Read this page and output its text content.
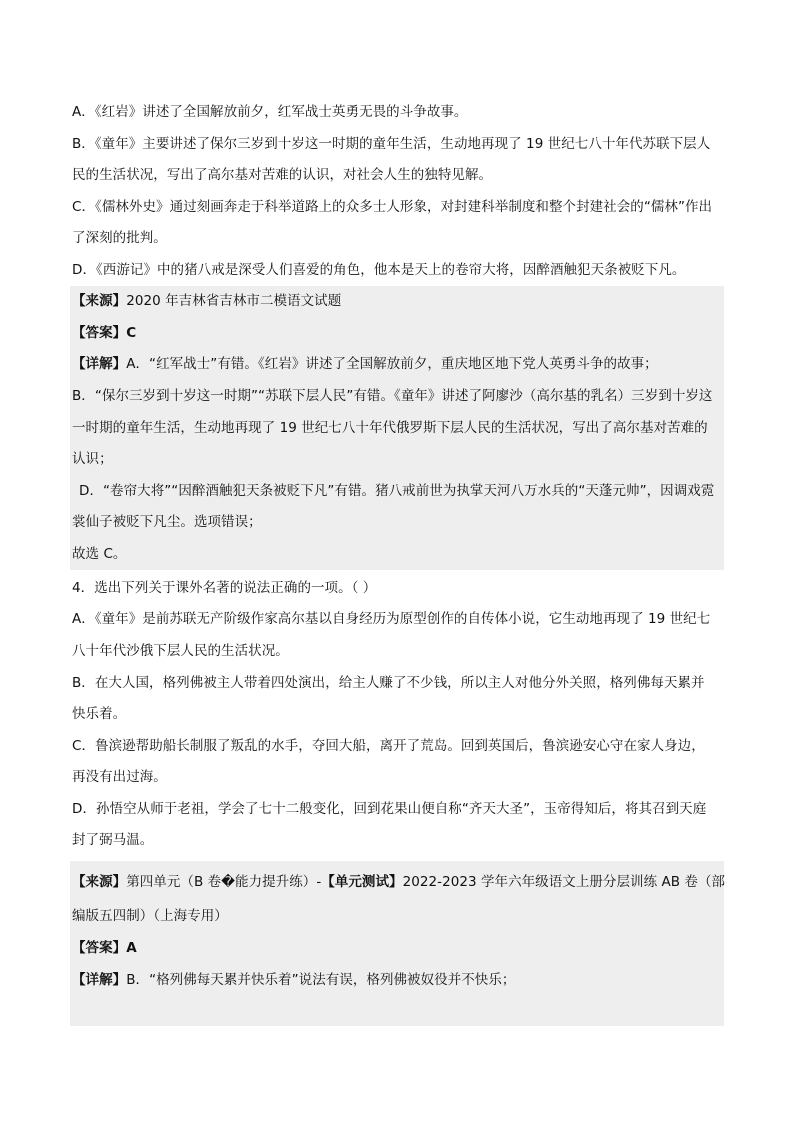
A．《红岩》讲述了全国解放前夕，红军战士英勇无畏的斗争故事。
B．《童年》主要讲述了保尔三岁到十岁这一时期的童年生活，生动地再现了 19 世纪七八十年代苏联下层人
民的生活状况，写出了高尔基对苦难的认识，对社会人生的独特见解。
C．《儒林外史》通过刻画奔走于科举道路上的众多士人形象，对封建科举制度和整个封建社会的“儒林”作出
了深刻的批判。
D．《西游记》中的猪八戒是深受人们喜爱的角色，他本是天上的卷帘大将，因醉酒触犯天条被贬下凡。
【来源】2020 年吉林省吉林市二模语文试题
【答案】C
【详解】A．“红军战士”有错。《红岩》讲述了全国解放前夕，重庆地区地下党人英勇斗争的故事；
B．“保尔三岁到十岁这一时期”“苏联下层人民”有错。《童年》讲述了阿廖沙（高尔基的乳名）三岁到十岁这
一时期的童年生活，生动地再现了 19 世纪七八十年代俄罗斯下层人民的生活状况，写出了高尔基对苦难的
认识；
D．“卷帘大将”“因醉酒触犯天条被贬下凡”有错。猪八戒前世为执掌天河八万水兵的“天蓬元帅”，因调戏霓
裳仙子被贬下凡尘。选项错误；
故选 C。
4．选出下列关于课外名著的说法正确的一项。（ ）
A．《童年》是前苏联无产阶级作家高尔基以自身经历为原型创作的自传体小说，它生动地再现了 19 世纪七
八十年代沙俄下层人民的生活状况。
B．在大人国，格列佛被主人带着四处演出，给主人赚了不少钱，所以主人对他分外关照，格列佛每天累并
快乐着。
C．鲁滨逊帮助船长制服了叛乱的水手，夺回大船，离开了荒岛。回到英国后，鲁滨逊安心守在家人身边，
再没有出过海。
D．孙悟空从师于老祖，学会了七十二般变化，回到花果山便自称“齐天大圣”，玉帝得知后，将其召到天庭
封了弼马温。
【来源】第四单元（B 卷�能力提升练）-【单元测试】2022-2023 学年六年级语文上册分层训练 AB 卷（部
编版五四制）（上海专用）
【答案】A
【详解】B．“格列佛每天累并快乐着”说法有误，格列佛被奴役并不快乐；
